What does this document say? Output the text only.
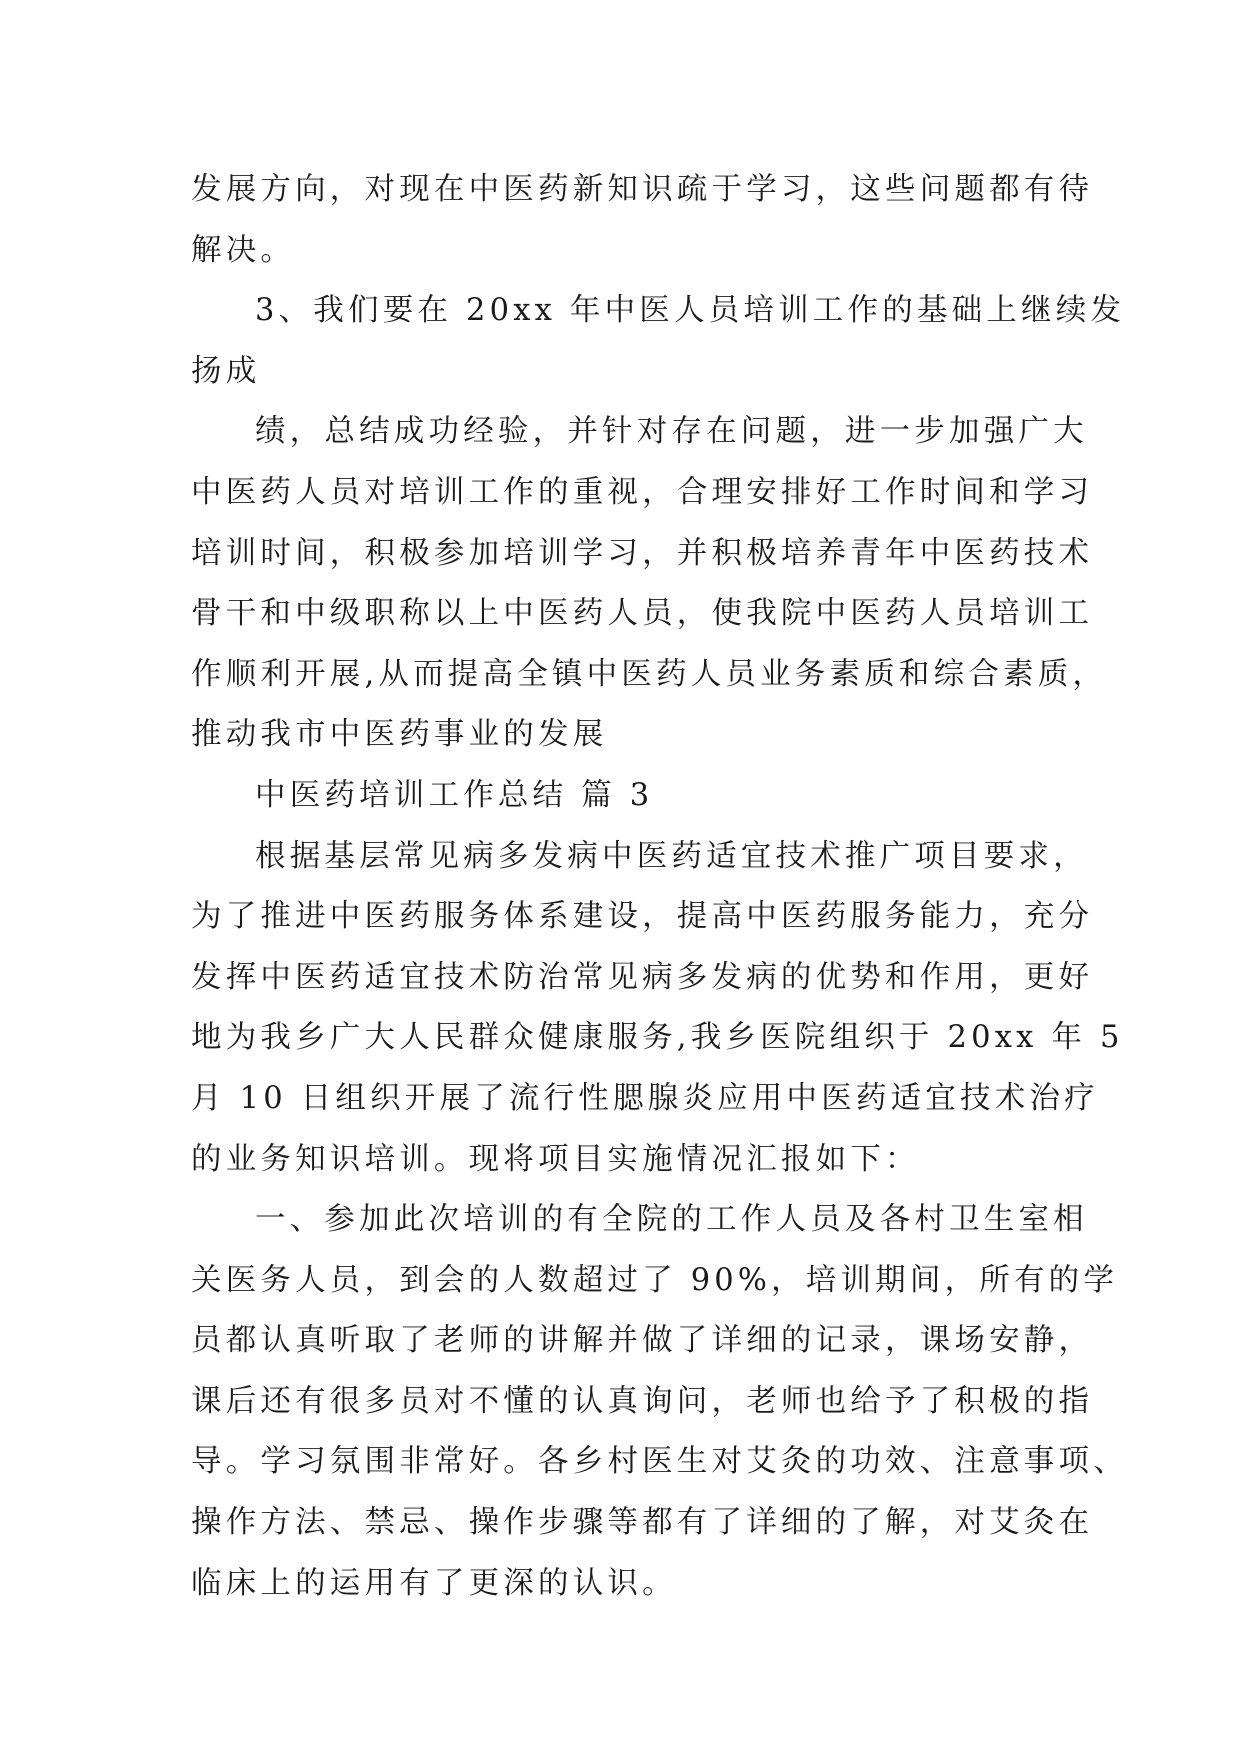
发展方向，对现在中医药新知识疏于学习，这些问题都有待
解决。
3、我们要在 20xx 年中医人员培训工作的基础上继续发
扬成
绩，总结成功经验，并针对存在问题，进一步加强广大
中医药人员对培训工作的重视，合理安排好工作时间和学习
培训时间，积极参加培训学习，并积极培养青年中医药技术
骨干和中级职称以上中医药人员，使我院中医药人员培训工
作顺利开展,从而提高全镇中医药人员业务素质和综合素质，
推动我市中医药事业的发展
中医药培训工作总结 篇 3
根据基层常见病多发病中医药适宜技术推广项目要求，
为了推进中医药服务体系建设，提高中医药服务能力，充分
发挥中医药适宜技术防治常见病多发病的优势和作用，更好
地为我乡广大人民群众健康服务,我乡医院组织于 20xx 年 5
月 10 日组织开展了流行性腮腺炎应用中医药适宜技术治疗
的业务知识培训。现将项目实施情况汇报如下：
一、参加此次培训的有全院的工作人员及各村卫生室相
关医务人员，到会的人数超过了 90%，培训期间，所有的学
员都认真听取了老师的讲解并做了详细的记录，课场安静，
课后还有很多员对不懂的认真询问，老师也给予了积极的指
导。学习氛围非常好。各乡村医生对艾灸的功效、注意事项、
操作方法、禁忌、操作步骤等都有了详细的了解，对艾灸在
临床上的运用有了更深的认识。
